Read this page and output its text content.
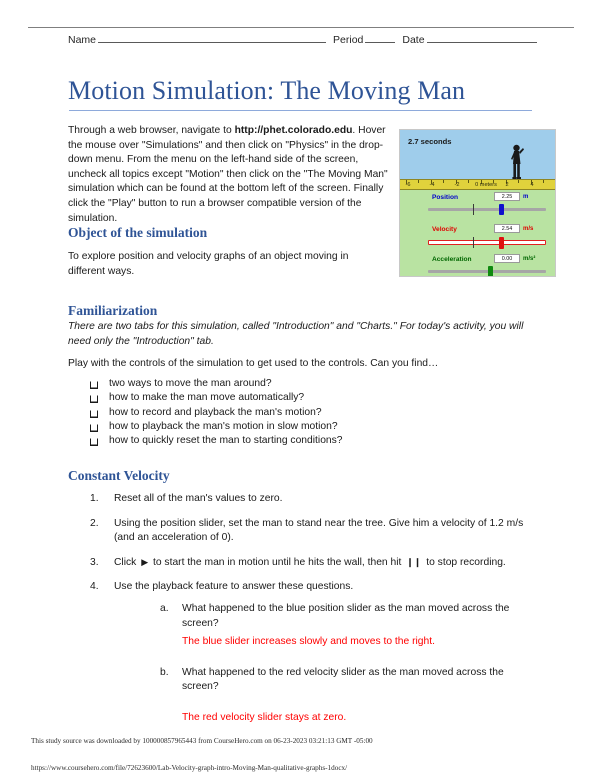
Name	Period	Date
Motion Simulation: The Moving Man
Through a web browser, navigate to http://phet.colorado.edu. Hover the mouse over "Simulations" and then click on "Physics" in the drop-down menu. From the menu on the left-hand side of the screen, uncheck all topics except "Motion" then click on the "The Moving Man" simulation which can be found at the bottom left of the screen. Finally click the "Play" button to run a browser compatible version of the simulation.
Object of the simulation
To explore position and velocity graphs of an object moving in different ways.
Familiarization
There are two tabs for this simulation, called "Introduction" and "Charts." For today's activity, you will need only the "Introduction" tab.
Play with the controls of the simulation to get used to the controls. Can you find…
two ways to move the man around?
how to make the man move automatically?
how to record and playback the man's motion?
how to playback the man's motion in slow motion?
how to quickly reset the man to starting conditions?
Constant Velocity
1.	Reset all of the man's values to zero.
2.	Using the position slider, set the man to stand near the tree. Give him a velocity of 1.2 m/s (and an acceleration of 0).
3.	Click ▶ to start the man in motion until he hits the wall, then hit ❙❙ to stop recording.
4.	Use the playback feature to answer these questions.
a.	What happened to the blue position slider as the man moved across the screen?
The blue slider increases slowly and moves to the right.
b.	What happened to the red velocity slider as the man moved across the screen?
The red velocity slider stays at zero.
2.7 seconds
-6	-4	-2	0 meters 2	4
Position	2.25	m
Velocity	2.54	m/s
Acceleration	0.00	m/s²
This study source was downloaded by 100000857965443 from CourseHero.com on 06-23-2023 03:21:13 GMT -05:00
https://www.coursehero.com/file/72623600/Lab-Velocity-graph-intro-Moving-Man-qualitative-graphs-1docx/
